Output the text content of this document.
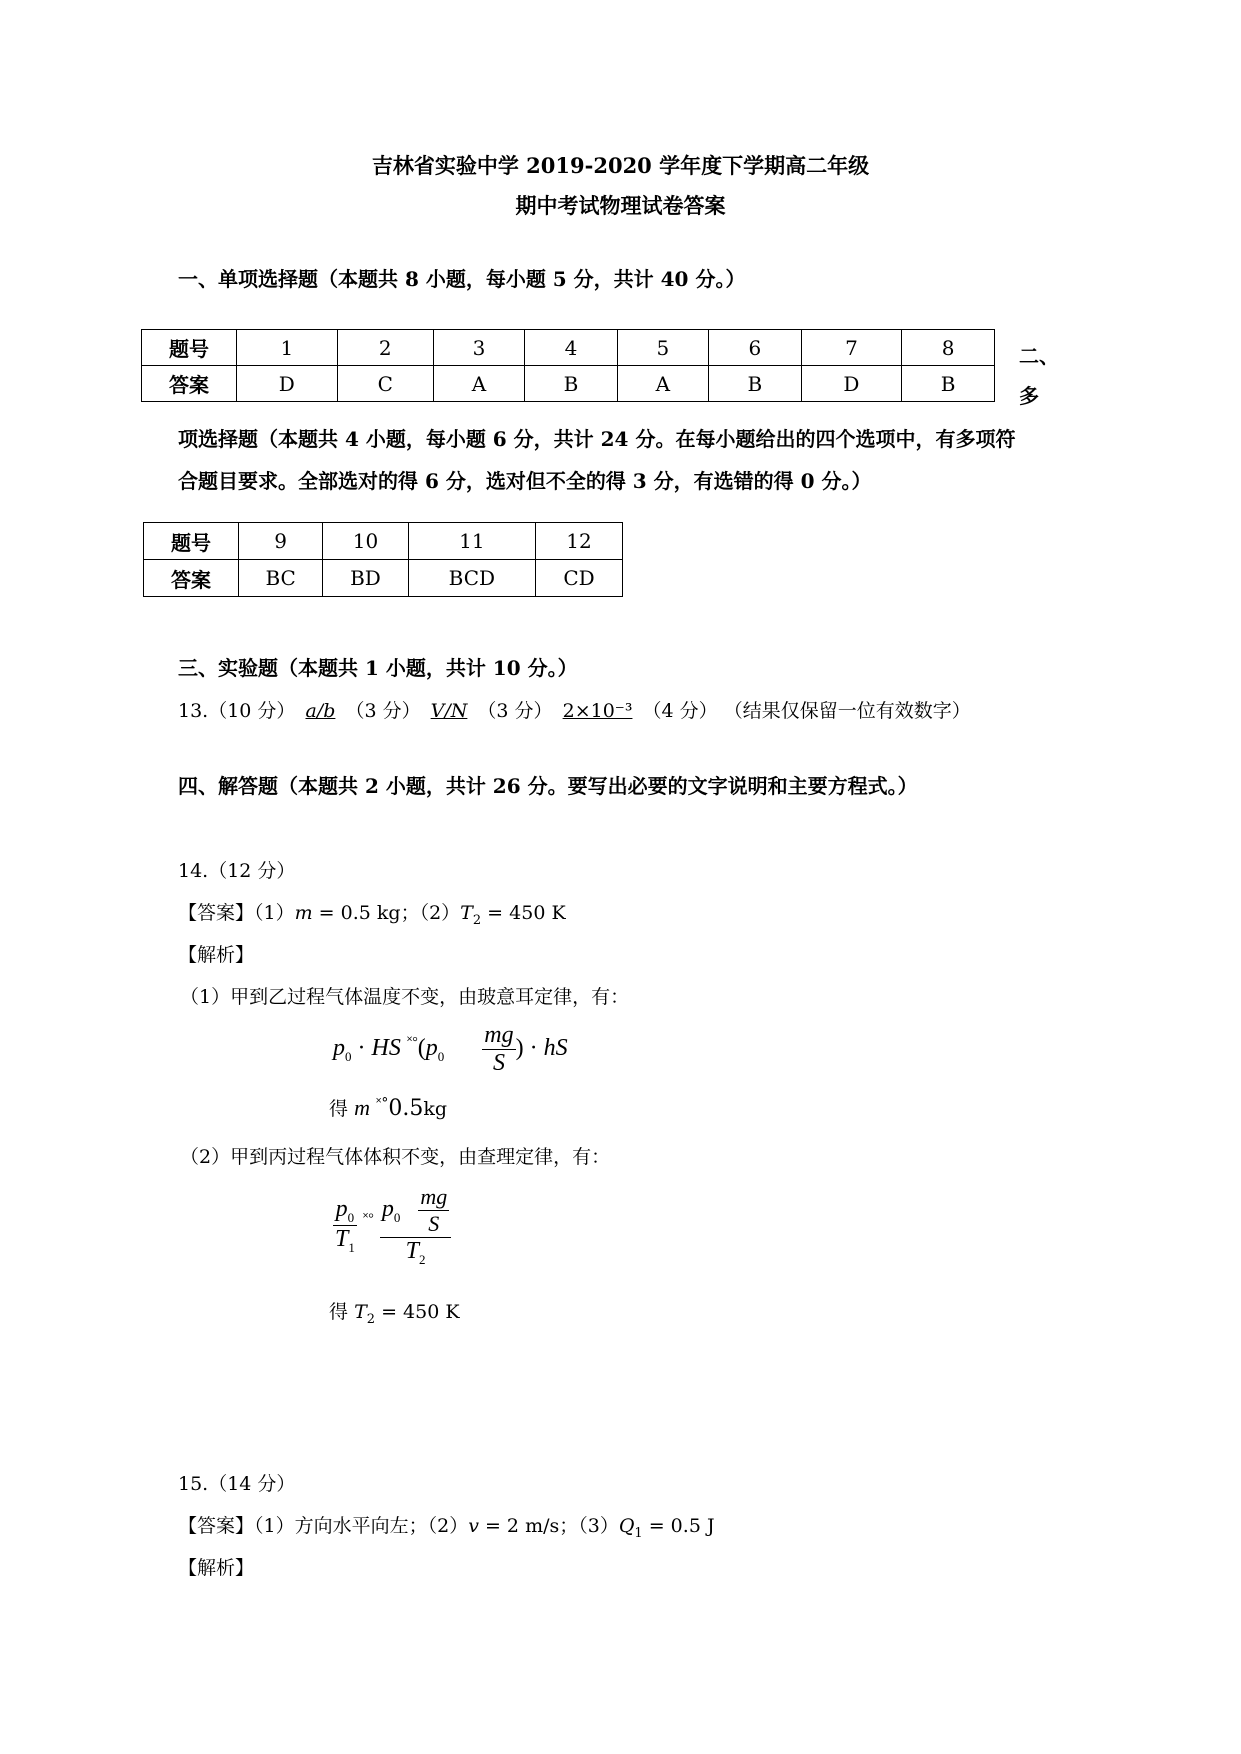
吉林省实验中学 2019-2020 学年度下学期高二年级
期中考试物理试卷答案
一、单项选择题（本题共 8 小题，每小题 5 分，共计 40 分。）
题号	1	2	3	4	5	6	7	8
答案	D	C	A	B	A	B	D	B
二、
多
项选择题（本题共 4 小题，每小题 6 分，共计 24 分。在每小题给出的四个选项中，有多项符
合题目要求。全部选对的得 6 分，选对但不全的得 3 分，有选错的得 0 分。）
题号	9	10	11	12
答案	BC	BD	BCD	CD
三、实验题（本题共 1 小题，共计 10 分。）
13.（10 分） a/b （3 分） V/N （3 分） 2×10⁻³ （4 分） （结果仅保留一位有效数字）
四、解答题（本题共 2 小题，共计 26 分。要写出必要的文字说明和主要方程式。）
14.（12 分）
【答案】（1）m = 0.5 kg；$(2)T_2 = 450$ K
【解析】
（1）甲到乙过程气体温度不变，由玻意耳定律，有：
$p_0$ · HS $^{˟^\circ}(p_0 \frac{mg}{S}$ ) · hS
得 m ˟°0.5kg
（2）甲到丙过程气体体积不变，由查理定律，有：
$\frac{p_0}{T_1} ^{˟^\circ} \frac{p_0 \frac{mg}{S}}{T_2}$
得 $T_2 = 450$ K
15.（14 分）
【答案】（1）方向水平向左；（2）v = 2 m/s；$(3)Q_1 = 0.5$ J
【解析】
